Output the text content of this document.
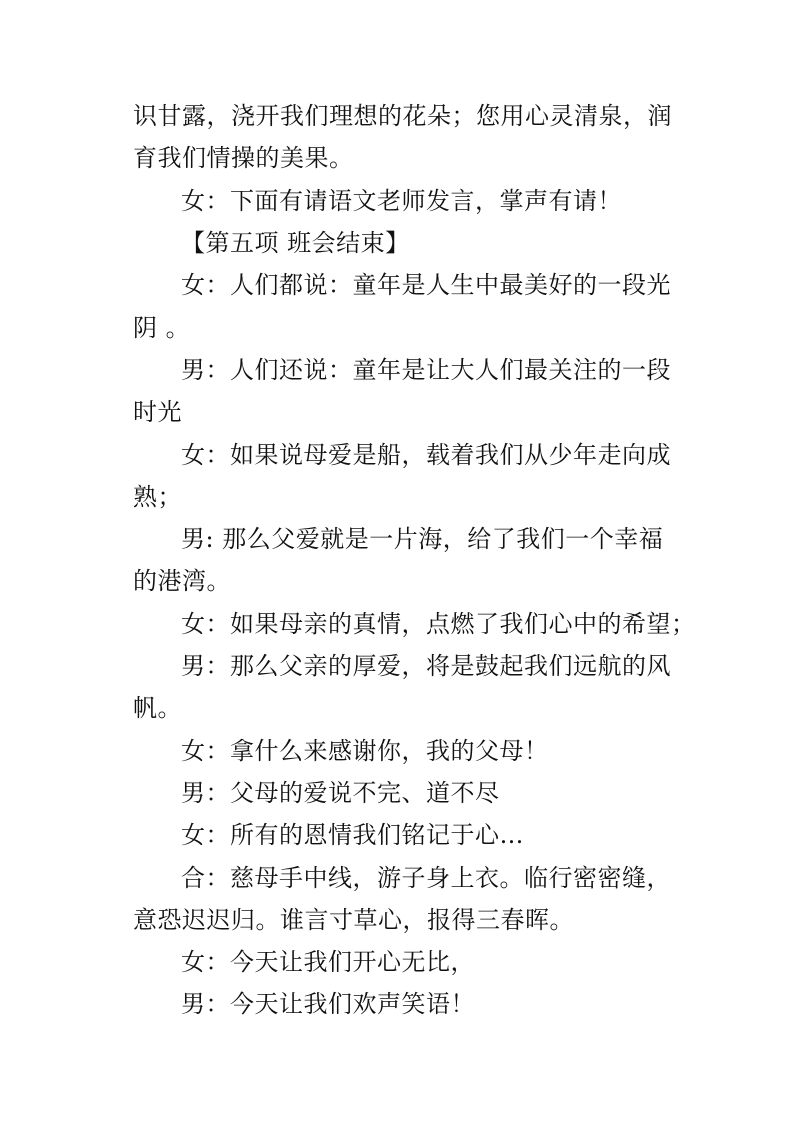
识甘露，浇开我们理想的花朵；您用心灵清泉，润
育我们情操的美果。
女：下面有请语文老师发言，掌声有请！
【第五项 班会结束】
女：人们都说：童年是人生中最美好的一段光
阴 。
男：人们还说：童年是让大人们最关注的一段
时光
女：如果说母爱是船，载着我们从少年走向成
熟；
男: 那么父爱就是一片海，给了我们一个幸福
的港湾。
女：如果母亲的真情，点燃了我们心中的希望；
男：那么父亲的厚爱，将是鼓起我们远航的风
帆。
女：拿什么来感谢你，我的父母！
男：父母的爱说不完、道不尽
女：所有的恩情我们铭记于心…
合：慈母手中线，游子身上衣。临行密密缝，
意恐迟迟归。谁言寸草心，报得三春晖。
女：今天让我们开心无比，
男：今天让我们欢声笑语！
